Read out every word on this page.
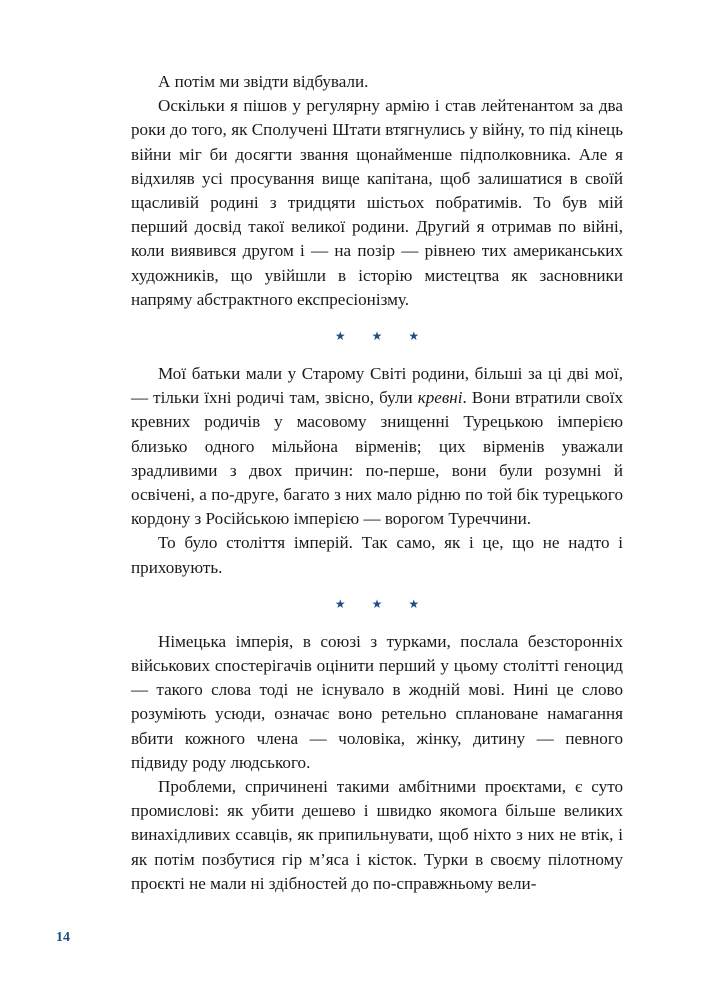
А потім ми звідти відбували.

Оскільки я пішов у регулярну армію і став лейтенантом за два роки до того, як Сполучені Штати втягнулись у війну, то під кінець війни міг би досягти звання щонайменше підполковника. Але я відхиляв усі просування вище капітана, щоб залишатися в своїй щасливій родині з тридцяти шістьох побратимів. То був мій перший досвід такої великої родини. Другий я отримав по війні, коли виявився другом і — на позір — рівнею тих американських художників, що увійшли в історію мистецтва як засновники напряму абстрактного експресіонізму.

★ ★ ★

Мої батьки мали у Старому Світі родини, більші за ці дві мої, — тільки їхні родичі там, звісно, були кревні. Вони втратили своїх кревних родичів у масовому знищенні Турецькою імперією близько одного мільйона вірменів; цих вірменів уважали зрадливими з двох причин: по-перше, вони були розумні й освічені, а по-друге, багато з них мало рідню по той бік турецького кордону з Російською імперією — ворогом Туреччини.

То було століття імперій. Так само, як і це, що не надто і приховують.

★ ★ ★

Німецька імперія, в союзі з турками, послала безсторонніх військових спостерігачів оцінити перший у цьому столітті геноцид — такого слова тоді не існувало в жодній мові. Нині це слово розуміють усюди, означає воно ретельно сплановане намагання вбити кожного члена — чоловіка, жінку, дитину — певного підвиду роду людського.

Проблеми, спричинені такими амбітними проєктами, є суто промислові: як убити дешево і швидко якомога більше великих винахідливих ссавців, як припильнувати, щоб ніхто з них не втік, і як потім позбутися гір м’яса і кісток. Турки в своєму пілотному проєкті не мали ні здібностей до по-справжньому вели-

14
